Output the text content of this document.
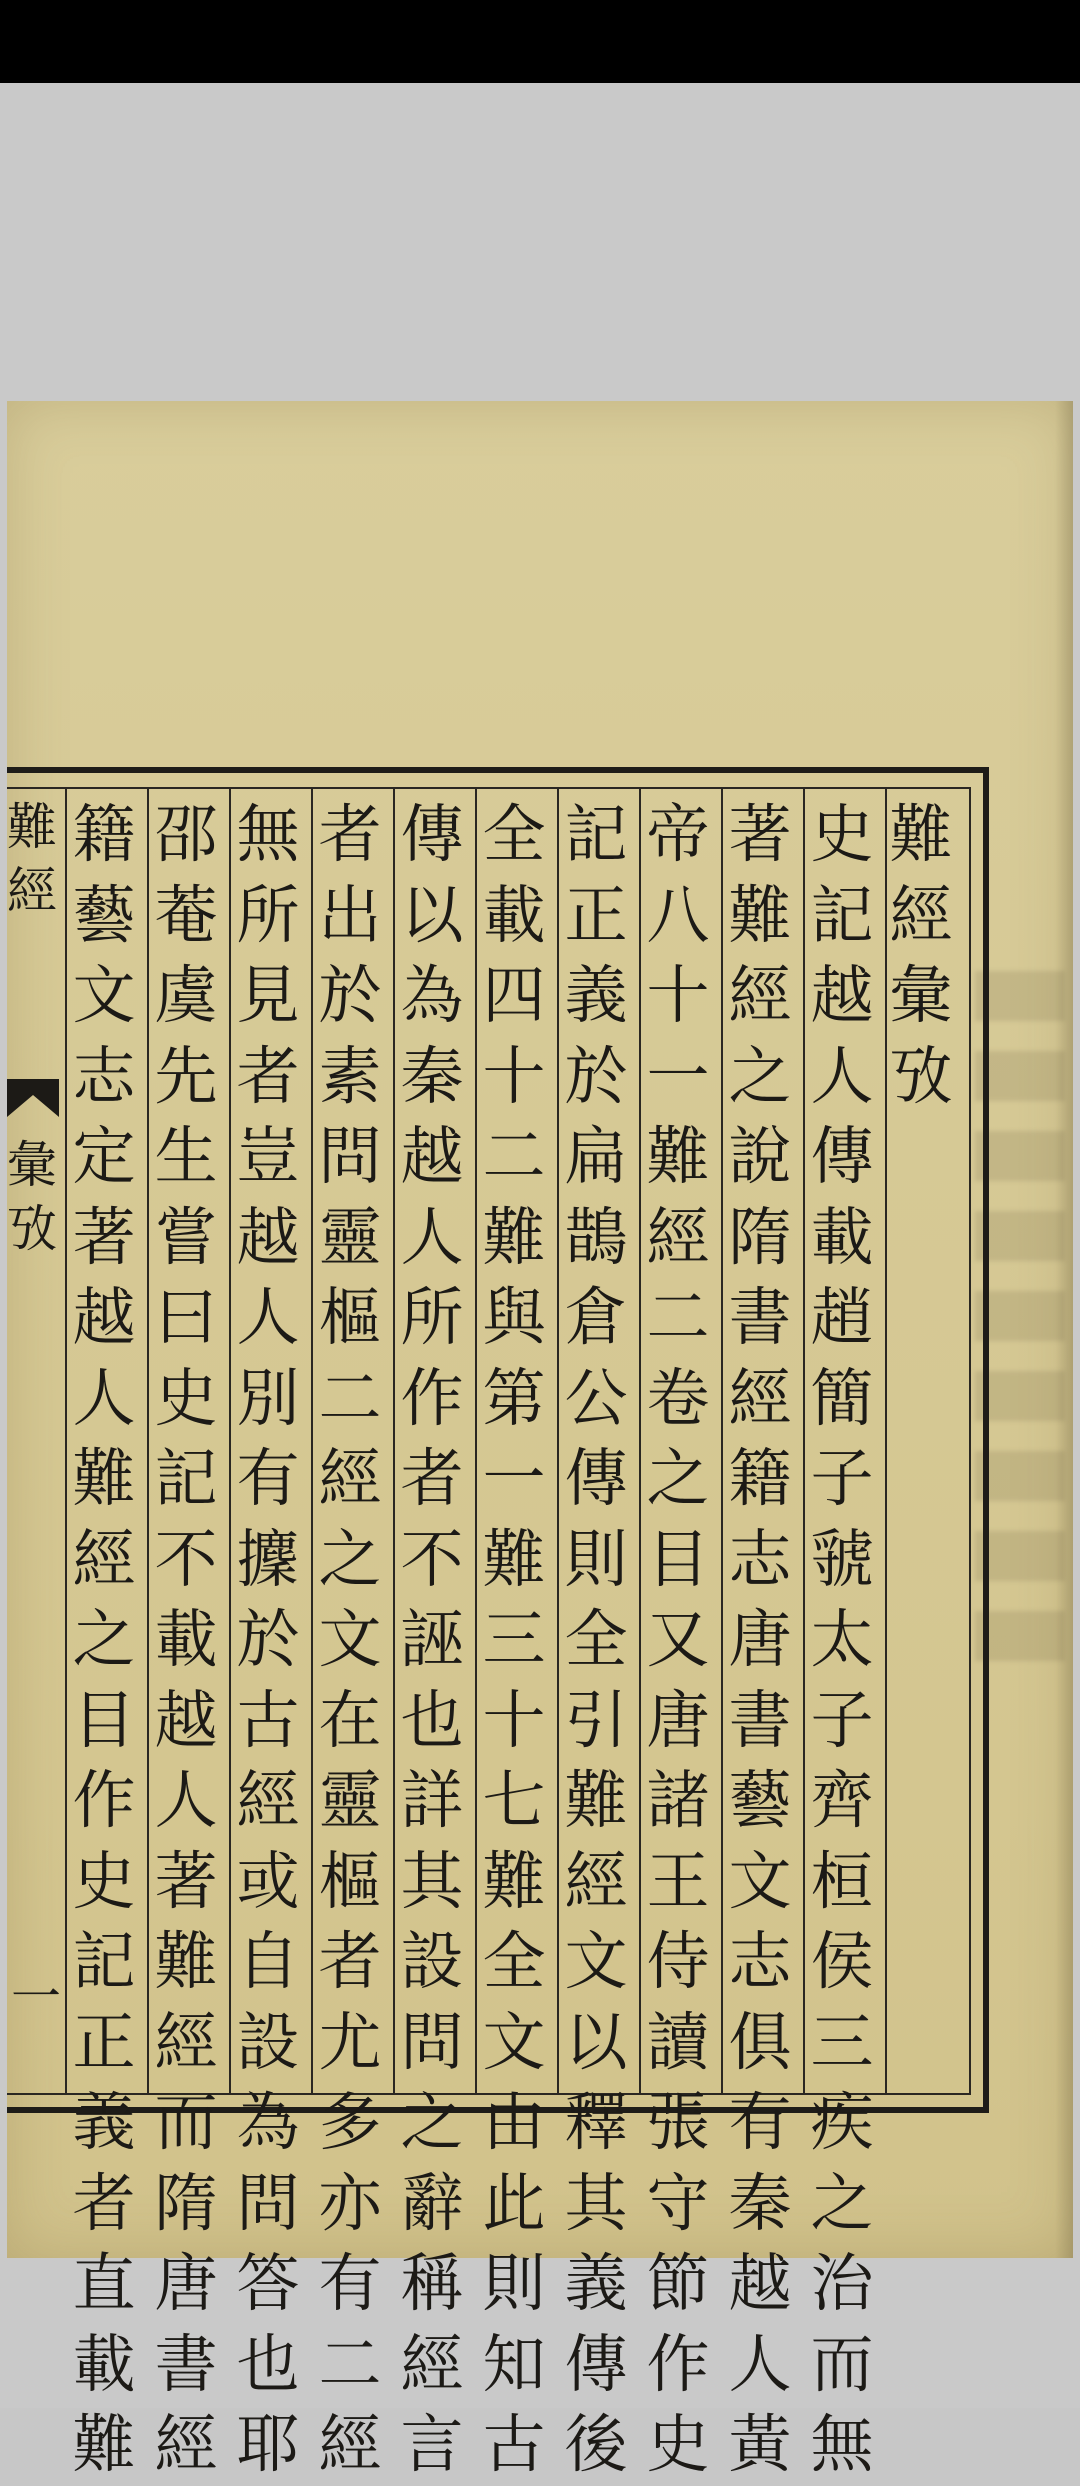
難經
彙攷
一
難經彙攷
史記越人傳載趙簡子虢太子齊桓侯三疾之治而無
著難經之說隋書經籍志唐書藝文志俱有秦越人黃
帝八十一難經二卷之目又唐諸王侍讀張守節作史
記正義於扁鵲倉公傳則全引難經文以釋其義傳後
全載四十二難與第一難三十七難全文由此則知古
傳以為秦越人所作者不誣也詳其設問之辭稱經言
者出於素問靈樞二經之文在靈樞者尤多亦有二經
無所見者豈越人別有攈於古經或自設為問答也耶
邵菴虞先生嘗曰史記不載越人著難經而隋唐書經
籍藝文志定著越人難經之目作史記正義者直載難
